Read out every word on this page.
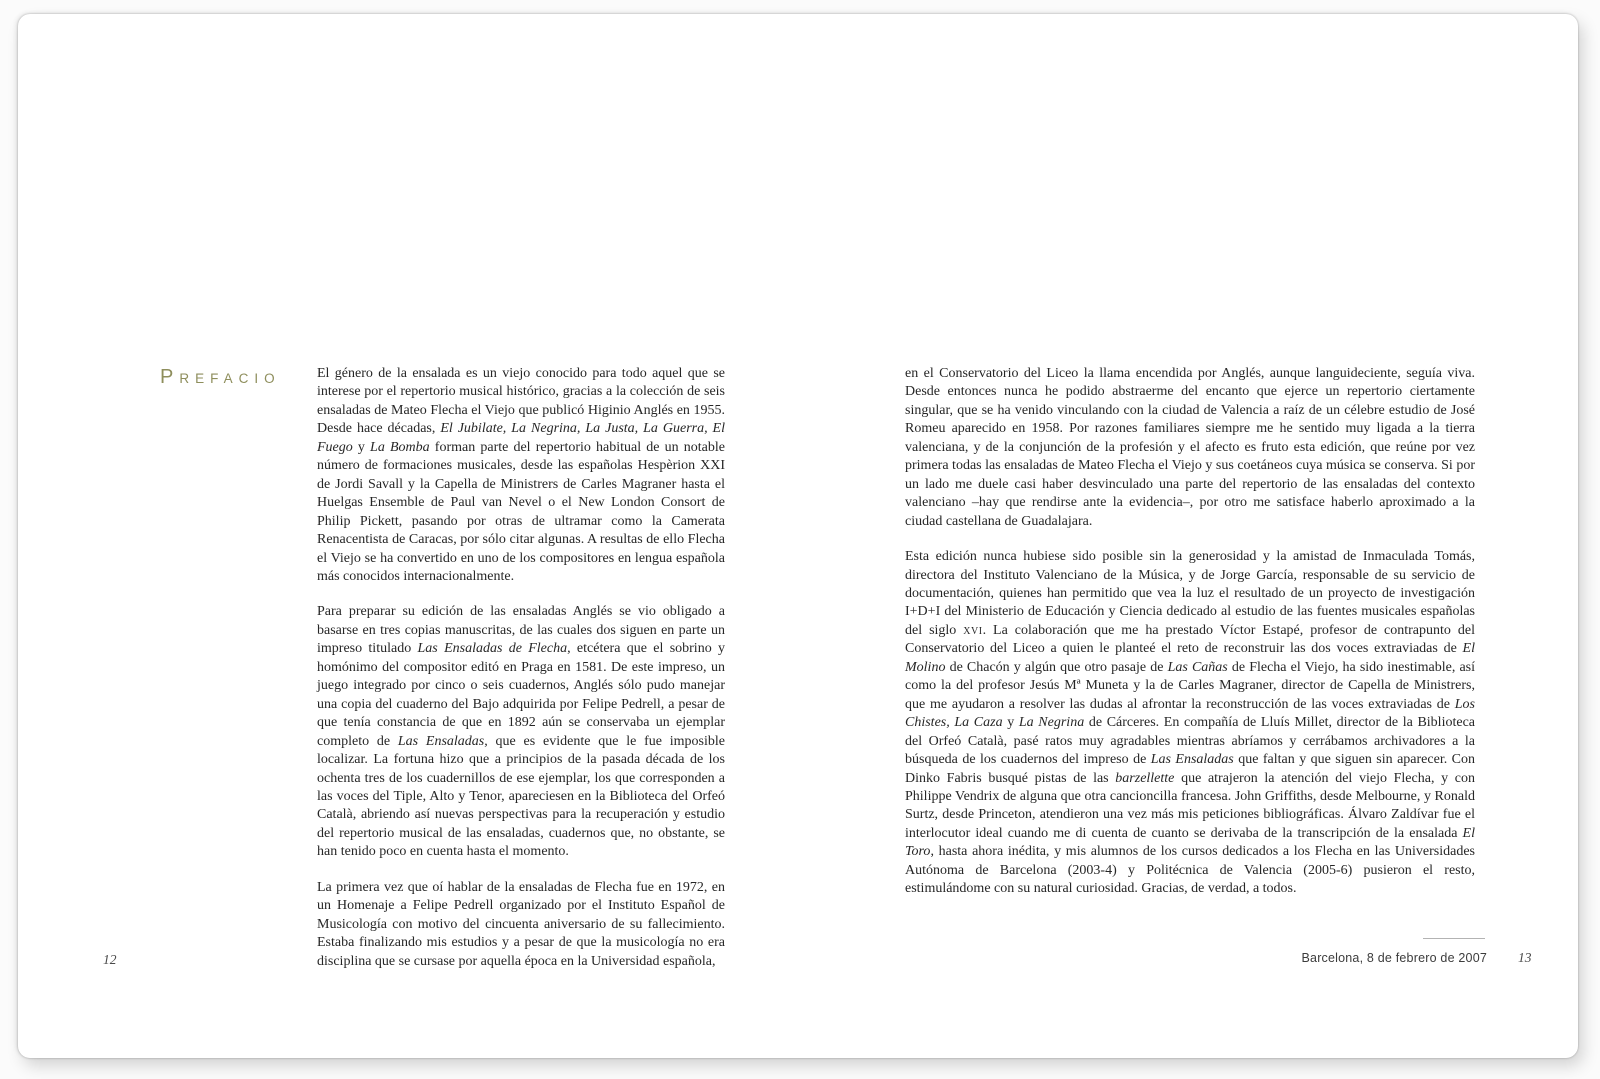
PREFACIO	El género de la ensalada es un viejo conocido para todo aquel que se interese por el repertorio musical histórico, gracias a la colección de seis ensaladas de Mateo Flecha el Viejo que publicó Higinio Anglés en 1955. Desde hace décadas, El Jubilate, La Negrina, La Justa, La Guerra, El Fuego y La Bomba forman parte del repertorio habitual de un notable número de formaciones musicales, desde las españolas Hespèrion XXI de Jordi Savall y la Capella de Ministrers de Carles Magraner hasta el Huelgas Ensemble de Paul van Nevel o el New London Consort de Philip Pickett, pasando por otras de ultramar como la Camerata Renacentista de Caracas, por sólo citar algunas. A resultas de ello Flecha el Viejo se ha convertido en uno de los compositores en lengua española más conocidos internacionalmente.

Para preparar su edición de las ensaladas Anglés se vio obligado a basarse en tres copias manuscritas, de las cuales dos siguen en parte un impreso titulado Las Ensaladas de Flecha, etcétera que el sobrino y homónimo del compositor editó en Praga en 1581. De este impreso, un juego integrado por cinco o seis cuadernos, Anglés sólo pudo manejar una copia del cuaderno del Bajo adquirida por Felipe Pedrell, a pesar de que tenía constancia de que en 1892 aún se conservaba un ejemplar completo de Las Ensaladas, que es evidente que le fue imposible localizar. La fortuna hizo que a principios de la pasada década de los ochenta tres de los cuadernillos de ese ejemplar, los que corresponden a las voces del Tiple, Alto y Tenor, apareciesen en la Biblioteca del Orfeó Català, abriendo así nuevas perspectivas para la recuperación y estudio del repertorio musical de las ensaladas, cuadernos que, no obstante, se han tenido poco en cuenta hasta el momento.

La primera vez que oí hablar de la ensaladas de Flecha fue en 1972, en un Homenaje a Felipe Pedrell organizado por el Instituto Español de Musicología con motivo del cincuenta aniversario de su fallecimiento. Estaba finalizando mis estudios y a pesar de que la musicología no era disciplina que se cursase por aquella época en la Universidad española,

12

en el Conservatorio del Liceo la llama encendida por Anglés, aunque languideciente, seguía viva. Desde entonces nunca he podido abstraerme del encanto que ejerce un repertorio ciertamente singular, que se ha venido vinculando con la ciudad de Valencia a raíz de un célebre estudio de José Romeu aparecido en 1958. Por razones familiares siempre me he sentido muy ligada a la tierra valenciana, y de la conjunción de la profesión y el afecto es fruto esta edición, que reúne por vez primera todas las ensaladas de Mateo Flecha el Viejo y sus coetáneos cuya música se conserva. Si por un lado me duele casi haber desvinculado una parte del repertorio de las ensaladas del contexto valenciano –hay que rendirse ante la evidencia–, por otro me satisface haberlo aproximado a la ciudad castellana de Guadalajara.

Esta edición nunca hubiese sido posible sin la generosidad y la amistad de Inmaculada Tomás, directora del Instituto Valenciano de la Música, y de Jorge García, responsable de su servicio de documentación, quienes han permitido que vea la luz el resultado de un proyecto de investigación I+D+I del Ministerio de Educación y Ciencia dedicado al estudio de las fuentes musicales españolas del siglo xvi. La colaboración que me ha prestado Víctor Estapé, profesor de contrapunto del Conservatorio del Liceo a quien le planteé el reto de reconstruir las dos voces extraviadas de El Molino de Chacón y algún que otro pasaje de Las Cañas de Flecha el Viejo, ha sido inestimable, así como la del profesor Jesús Mª Muneta y la de Carles Magraner, director de Capella de Ministrers, que me ayudaron a resolver las dudas al afrontar la reconstrucción de las voces extraviadas de Los Chistes, La Caza y La Negrina de Cárceres. En compañía de Lluís Millet, director de la Biblioteca del Orfeó Català, pasé ratos muy agradables mientras abríamos y cerrábamos archivadores a la búsqueda de los cuadernos del impreso de Las Ensaladas que faltan y que siguen sin aparecer. Con Dinko Fabris busqué pistas de las barzellette que atrajeron la atención del viejo Flecha, y con Philippe Vendrix de alguna que otra cancioncilla francesa. John Griffiths, desde Melbourne, y Ronald Surtz, desde Princeton, atendieron una vez más mis peticiones bibliográficas. Álvaro Zaldívar fue el interlocutor ideal cuando me di cuenta de cuanto se derivaba de la transcripción de la ensalada El Toro, hasta ahora inédita, y mis alumnos de los cursos dedicados a los Flecha en las Universidades Autónoma de Barcelona (2003-4) y Politécnica de Valencia (2005-6) pusieron el resto, estimulándome con su natural curiosidad. Gracias, de verdad, a todos.

Barcelona, 8 de febrero de 2007 13
